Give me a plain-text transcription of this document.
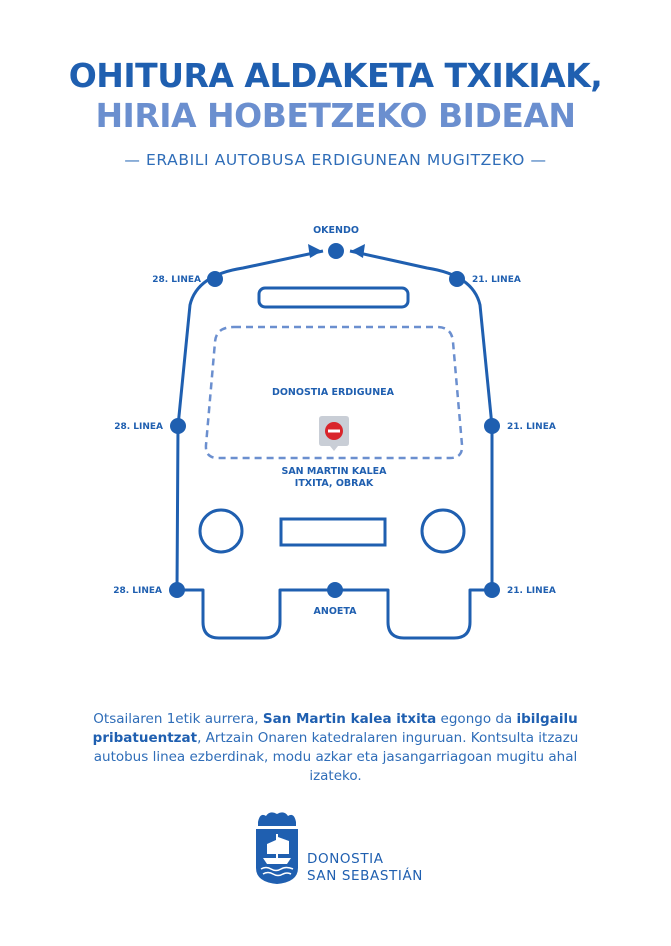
OHITURA ALDAKETA TXIKIAK,
HIRIA HOBETZEKO BIDEAN
— ERABILI AUTOBUSA ERDIGUNEAN MUGITZEKO —
OKENDO
28. LINEA	21. LINEA
28. LINEA	21. LINEA
28. LINEA	21. LINEA
ANOETA
DONOSTIA ERDIGUNEA
SAN MARTIN KALEA
ITXITA, OBRAK

Otsailaren 1etik aurrera, San Martin kalea itxita egongo da ibilgailu pribatuentzat, Artzain Onaren katedralaren inguruan. Kontsulta itzazu autobus linea ezberdinak, modu azkar eta jasangarriagoan mugitu ahal izateko.

DONOSTIA
SAN SEBASTIÁN
